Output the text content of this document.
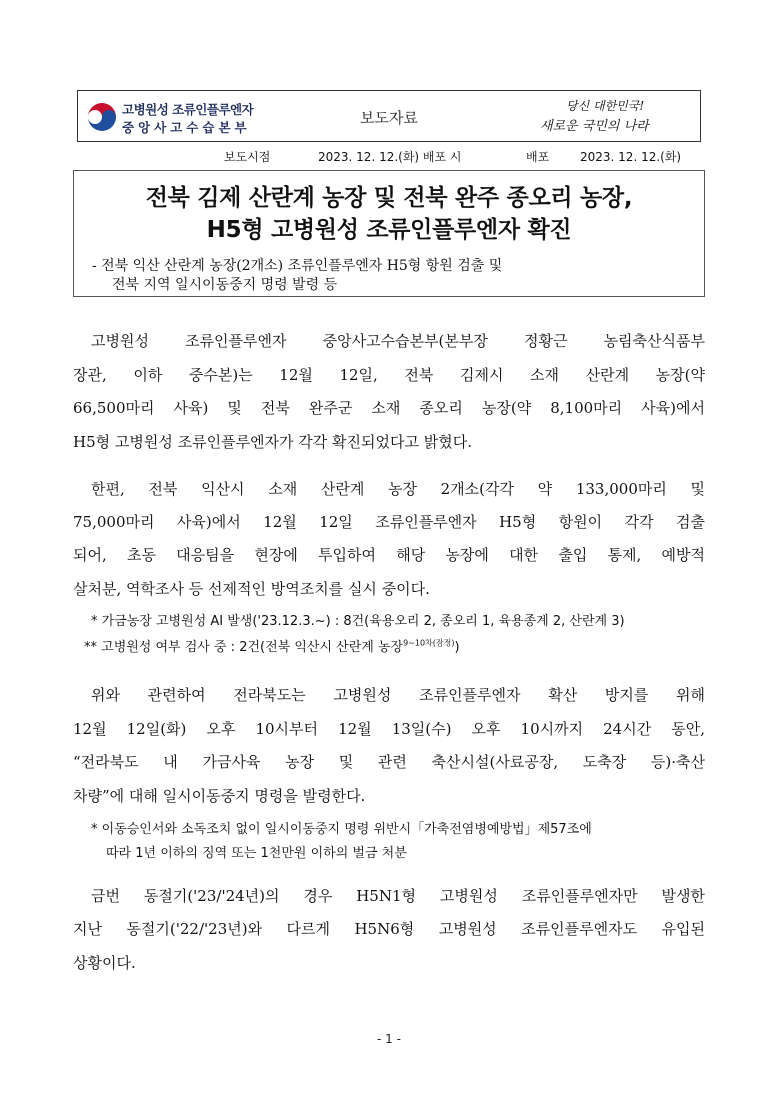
고병원성 조류인플루엔자
중앙사고수습본부
보도자료
당신 대한민국!
새로운 국민의 나라
보도시점	2023. 12. 12.(화) 배포 시	배포	2023. 12. 12.(화)
전북 김제 산란계 농장 및 전북 완주 종오리 농장,
H5형 고병원성 조류인플루엔자 확진
- 전북 익산 산란계 농장(2개소) 조류인플루엔자 H5형 항원 검출 및
전북 지역 일시이동중지 명령 발령 등
고병원성 조류인플루엔자 중앙사고수습본부(본부장 정황근 농림축산식품부
장관, 이하 중수본)는 12월 12일, 전북 김제시 소재 산란계 농장(약
66,500마리 사육) 및 전북 완주군 소재 종오리 농장(약 8,100마리 사육)에서
H5형 고병원성 조류인플루엔자가 각각 확진되었다고 밝혔다.
한편, 전북 익산시 소재 산란계 농장 2개소(각각 약 133,000마리 및
75,000마리 사육)에서 12월 12일 조류인플루엔자 H5형 항원이 각각 검출
되어, 초동 대응팀을 현장에 투입하여 해당 농장에 대한 출입 통제, 예방적
살처분, 역학조사 등 선제적인 방역조치를 실시 중이다.
* 가금농장 고병원성 AI 발생('23.12.3.~) : 8건(육용오리 2, 종오리 1, 육용종계 2, 산란계 3)
** 고병원성 여부 검사 중 : 2건(전북 익산시 산란계 농장$^{9\sim 10차(잠정)}$)
위와 관련하여 전라북도는 고병원성 조류인플루엔자 확산 방지를 위해
12월 12일(화) 오후 10시부터 12월 13일(수) 오후 10시까지 24시간 동안,
“전라북도 내 가금사육 농장 및 관련 축산시설(사료공장, 도축장 등)·축산
차량”에 대해 일시이동중지 명령을 발령한다.
* 이동승인서와 소독조치 없이 일시이동중지 명령 위반시「가축전염병예방법」제57조에
따라 1년 이하의 징역 또는 1천만원 이하의 벌금 처분
금번 동절기('23/'24년)의 경우 H5N1형 고병원성 조류인플루엔자만 발생한
지난 동절기('22/'23년)와 다르게 H5N6형 고병원성 조류인플루엔자도 유입된
상황이다.
- 1 -
